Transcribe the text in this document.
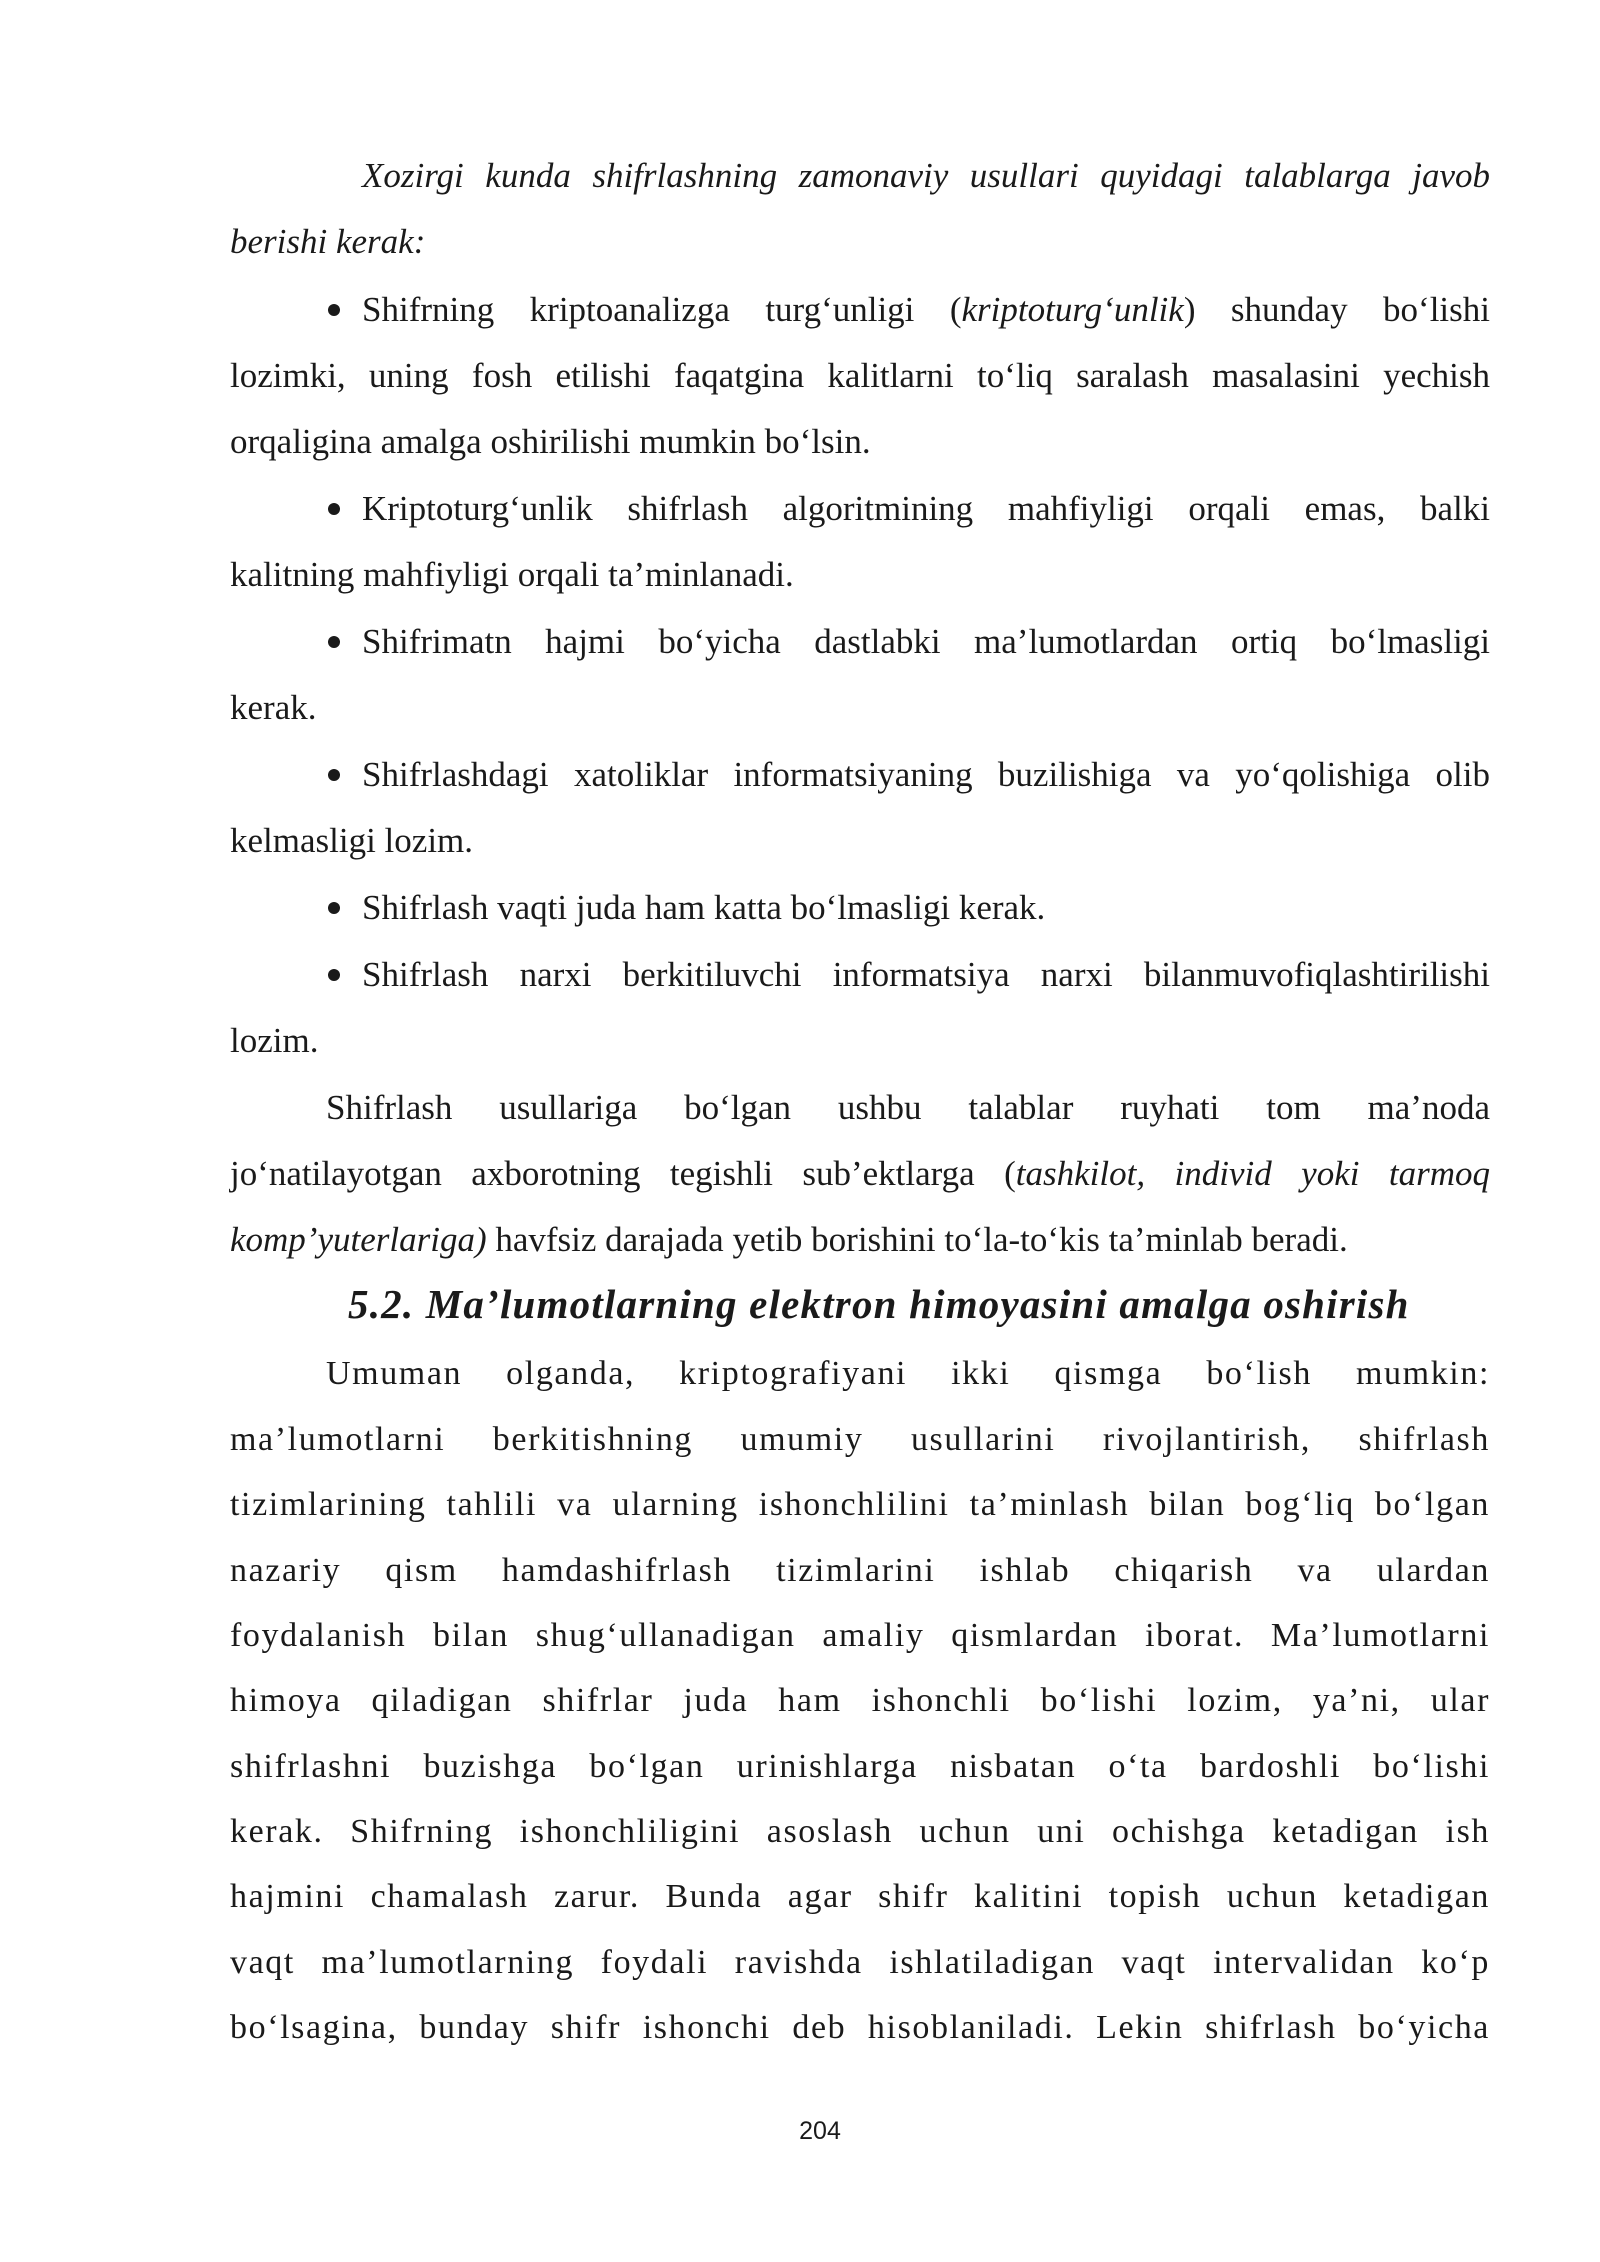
Xozirgi kunda shifrlashning zamonaviy usullari quyidagi talablarga javob
berishi kerak:
Shifrning kriptoanalizga turg‘unligi (kriptoturg‘unlik) shunday bo‘lishi
lozimki, uning fosh etilishi faqatgina kalitlarni to‘liq saralash masalasini yechish
orqaligina amalga oshirilishi mumkin bo‘lsin.
Kriptoturg‘unlik shifrlash algoritmining mahfiyligi orqali emas, balki
kalitning mahfiyligi orqali ta’minlanadi.
Shifrimatn hajmi bo‘yicha dastlabki ma’lumotlardan ortiq bo‘lmasligi
kerak.
Shifrlashdagi xatoliklar informatsiyaning buzilishiga va yo‘qolishiga olib
kelmasligi lozim.
Shifrlash vaqti juda ham katta bo‘lmasligi kerak.
Shifrlash narxi berkitiluvchi informatsiya narxi bilanmuvofiqlashtirilishi
lozim.
Shifrlash usullariga bo‘lgan ushbu talablar ruyhati tom ma’noda
jo‘natilayotgan axborotning tegishli sub’ektlarga (tashkilot, individ yoki tarmoq
komp’yuterlariga) havfsiz darajada yetib borishini to‘la-to‘kis ta’minlab beradi.
5.2. Ma’lumotlarning elektron himoyasini amalga oshirish
Umuman olganda, kriptografiyani ikki qismga bo‘lish mumkin:
ma’lumotlarni berkitishning umumiy usullarini rivojlantirish, shifrlash
tizimlarining tahlili va ularning ishonchlilini ta’minlash bilan bog‘liq bo‘lgan
nazariy qism hamdashifrlash tizimlarini ishlab chiqarish va ulardan
foydalanish bilan shug‘ullanadigan amaliy qismlardan iborat. Ma’lumotlarni
himoya qiladigan shifrlar juda ham ishonchli bo‘lishi lozim, ya’ni, ular
shifrlashni buzishga bo‘lgan urinishlarga nisbatan o‘ta bardoshli bo‘lishi
kerak. Shifrning ishonchliligini asoslash uchun uni ochishga ketadigan ish
hajmini chamalash zarur. Bunda agar shifr kalitini topish uchun ketadigan
vaqt ma’lumotlarning foydali ravishda ishlatiladigan vaqt intervalidan ko‘p
bo‘lsagina, bunday shifr ishonchi deb hisoblaniladi. Lekin shifrlash bo‘yicha
204
